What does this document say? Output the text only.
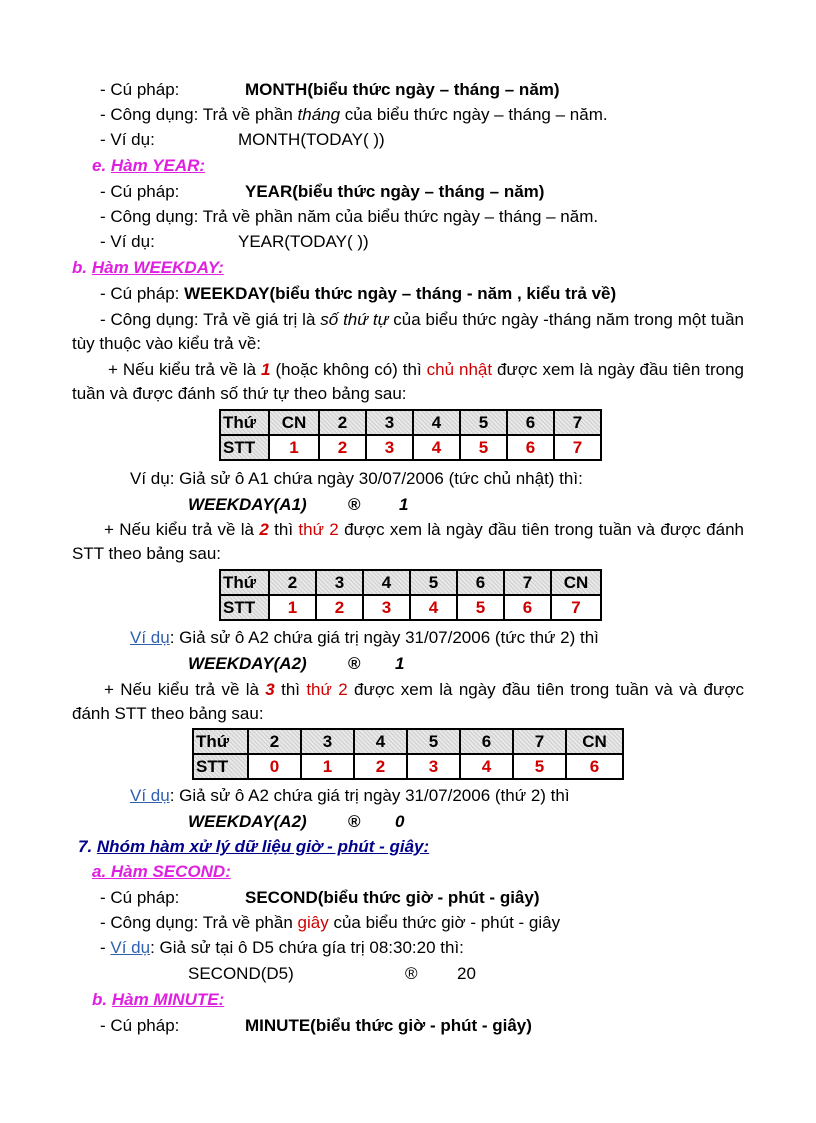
- Cú pháp:	MONTH(biểu thức ngày – tháng – năm)
- Công dụng: Trả về phần tháng của biểu thức ngày – tháng – năm.
- Ví dụ:	MONTH(TODAY( ))
e. Hàm YEAR:
- Cú pháp:	YEAR(biểu thức ngày – tháng – năm)
- Công dụng: Trả về phần năm của biểu thức ngày – tháng – năm.
- Ví dụ:	YEAR(TODAY( ))
b. Hàm WEEKDAY:
- Cú pháp: WEEKDAY(biểu thức ngày – tháng - năm , kiểu trả về)
- Công dụng: Trả về giá trị là số thứ tự của biểu thức ngày -tháng năm trong một tuần tùy thuộc vào kiểu trả về:
+ Nếu kiểu trả về là 1 (hoặc không có) thì chủ nhật được xem là ngày đầu tiên trong tuần và được đánh số thứ tự theo bảng sau:
Thứ	CN	2	3	4	5	6	7
STT	1	2	3	4	5	6	7
Ví dụ: Giả sử ô A1 chứa ngày 30/07/2006 (tức chủ nhật) thì:
WEEKDAY(A1) ® 1
+ Nếu kiểu trả về là 2 thì thứ 2 được xem là ngày đầu tiên trong tuần và được đánh STT theo bảng sau:
Thứ	2	3	4	5	6	7	CN
STT	1	2	3	4	5	6	7
Ví dụ: Giả sử ô A2 chứa giá trị ngày 31/07/2006 (tức thứ 2) thì
WEEKDAY(A2) ® 1
+ Nếu kiểu trả về là 3 thì thứ 2 được xem là ngày đầu tiên trong tuần và và được đánh STT theo bảng sau:
Thứ	2	3	4	5	6	7	CN
STT	0	1	2	3	4	5	6
Ví dụ: Giả sử ô A2 chứa giá trị ngày 31/07/2006 (thứ 2) thì
WEEKDAY(A2) ® 0
7. Nhóm hàm xử lý dữ liệu giờ - phút - giây:
a. Hàm SECOND:
- Cú pháp:	SECOND(biểu thức giờ - phút - giây)
- Công dụng: Trả về phần giây của biểu thức giờ - phút - giây
- Ví dụ: Giả sử tại ô D5 chứa gía trị 08:30:20 thì:
SECOND(D5)	® 20
b. Hàm MINUTE:
- Cú pháp:	MINUTE(biểu thức giờ - phút - giây)
